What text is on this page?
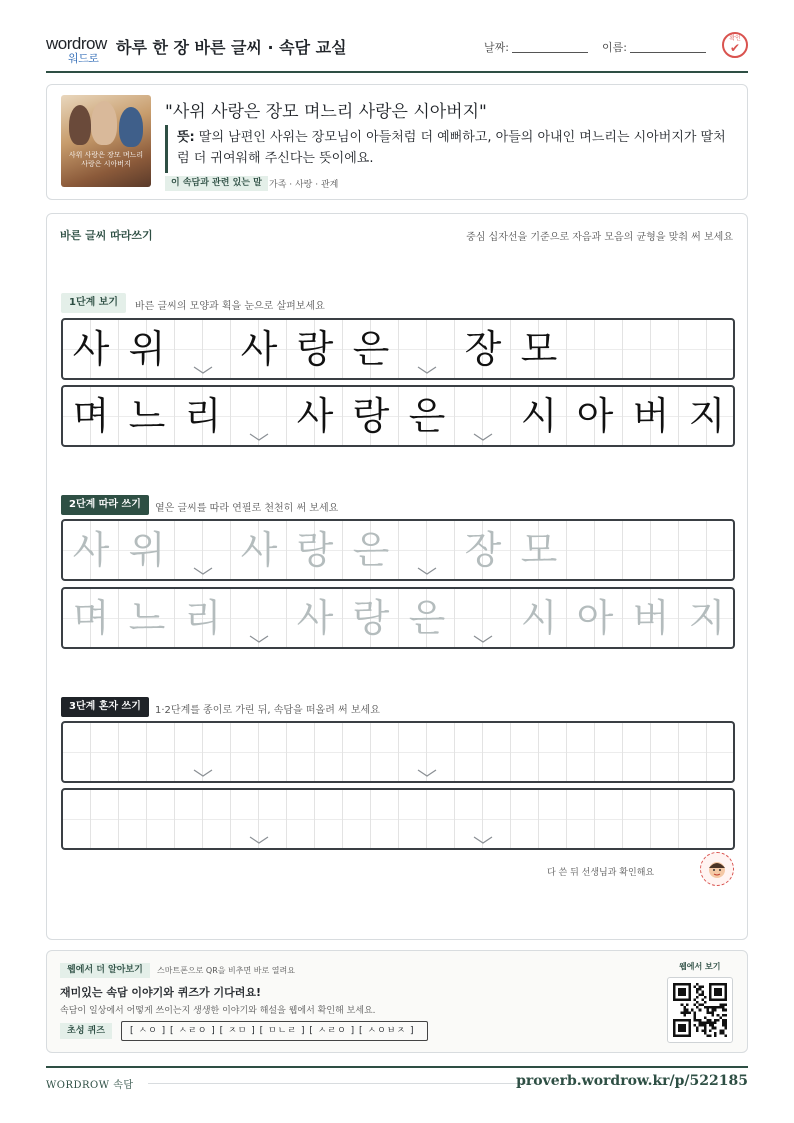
wordrow
워드로
하루 한 장 바른 글씨 · 속담 교실	날짜:	이름:
확인
✔
사위 사랑은 장모 며느리 사랑은 시아버지
"사위 사랑은 장모 며느리 사랑은 시아버지"
뜻: 딸의 남편인 사위는 장모님이 아들처럼 더 예뻐하고, 아들의 아내인 며느리는 시아버지가 딸처럼 더 귀여워해 주신다는 뜻이에요.
이 속담과 관련 있는 말 가족 · 사랑 · 관계
바른 글씨 따라쓰기	중심 십자선을 기준으로 자음과 모음의 균형을 맞춰 써 보세요
1단계 보기	바른 글씨의 모양과 획을 눈으로 살펴보세요
사 위 사 랑 은 장 모
며 느 리 사 랑 은 시 아 버 지
2단계 따라 쓰기	옅은 글씨를 따라 연필로 천천히 써 보세요
사 위 사 랑 은 장 모
며 느 리 사 랑 은 시 아 버 지
3단계 혼자 쓰기	1·2단계를 종이로 가린 뒤, 속담을 떠올려 써 보세요
다 쓴 뒤 선생님과 확인해요
웹에서 더 알아보기	스마트폰으로 QR을 비추면 바로 열려요
재미있는 속담 이야기와 퀴즈가 기다려요!
속담이 일상에서 어떻게 쓰이는지 생생한 이야기와 해설을 웹에서 확인해 보세요.
초성 퀴즈	[ ㅅㅇ ] [ ㅅㄹㅇ ] [ ㅈㅁ ] [ ㅁㄴㄹ ] [ ㅅㄹㅇ ] [ ㅅㅇㅂㅈ ]
웹에서 보기
WORDROW 속담	proverb.wordrow.kr/p/522185
